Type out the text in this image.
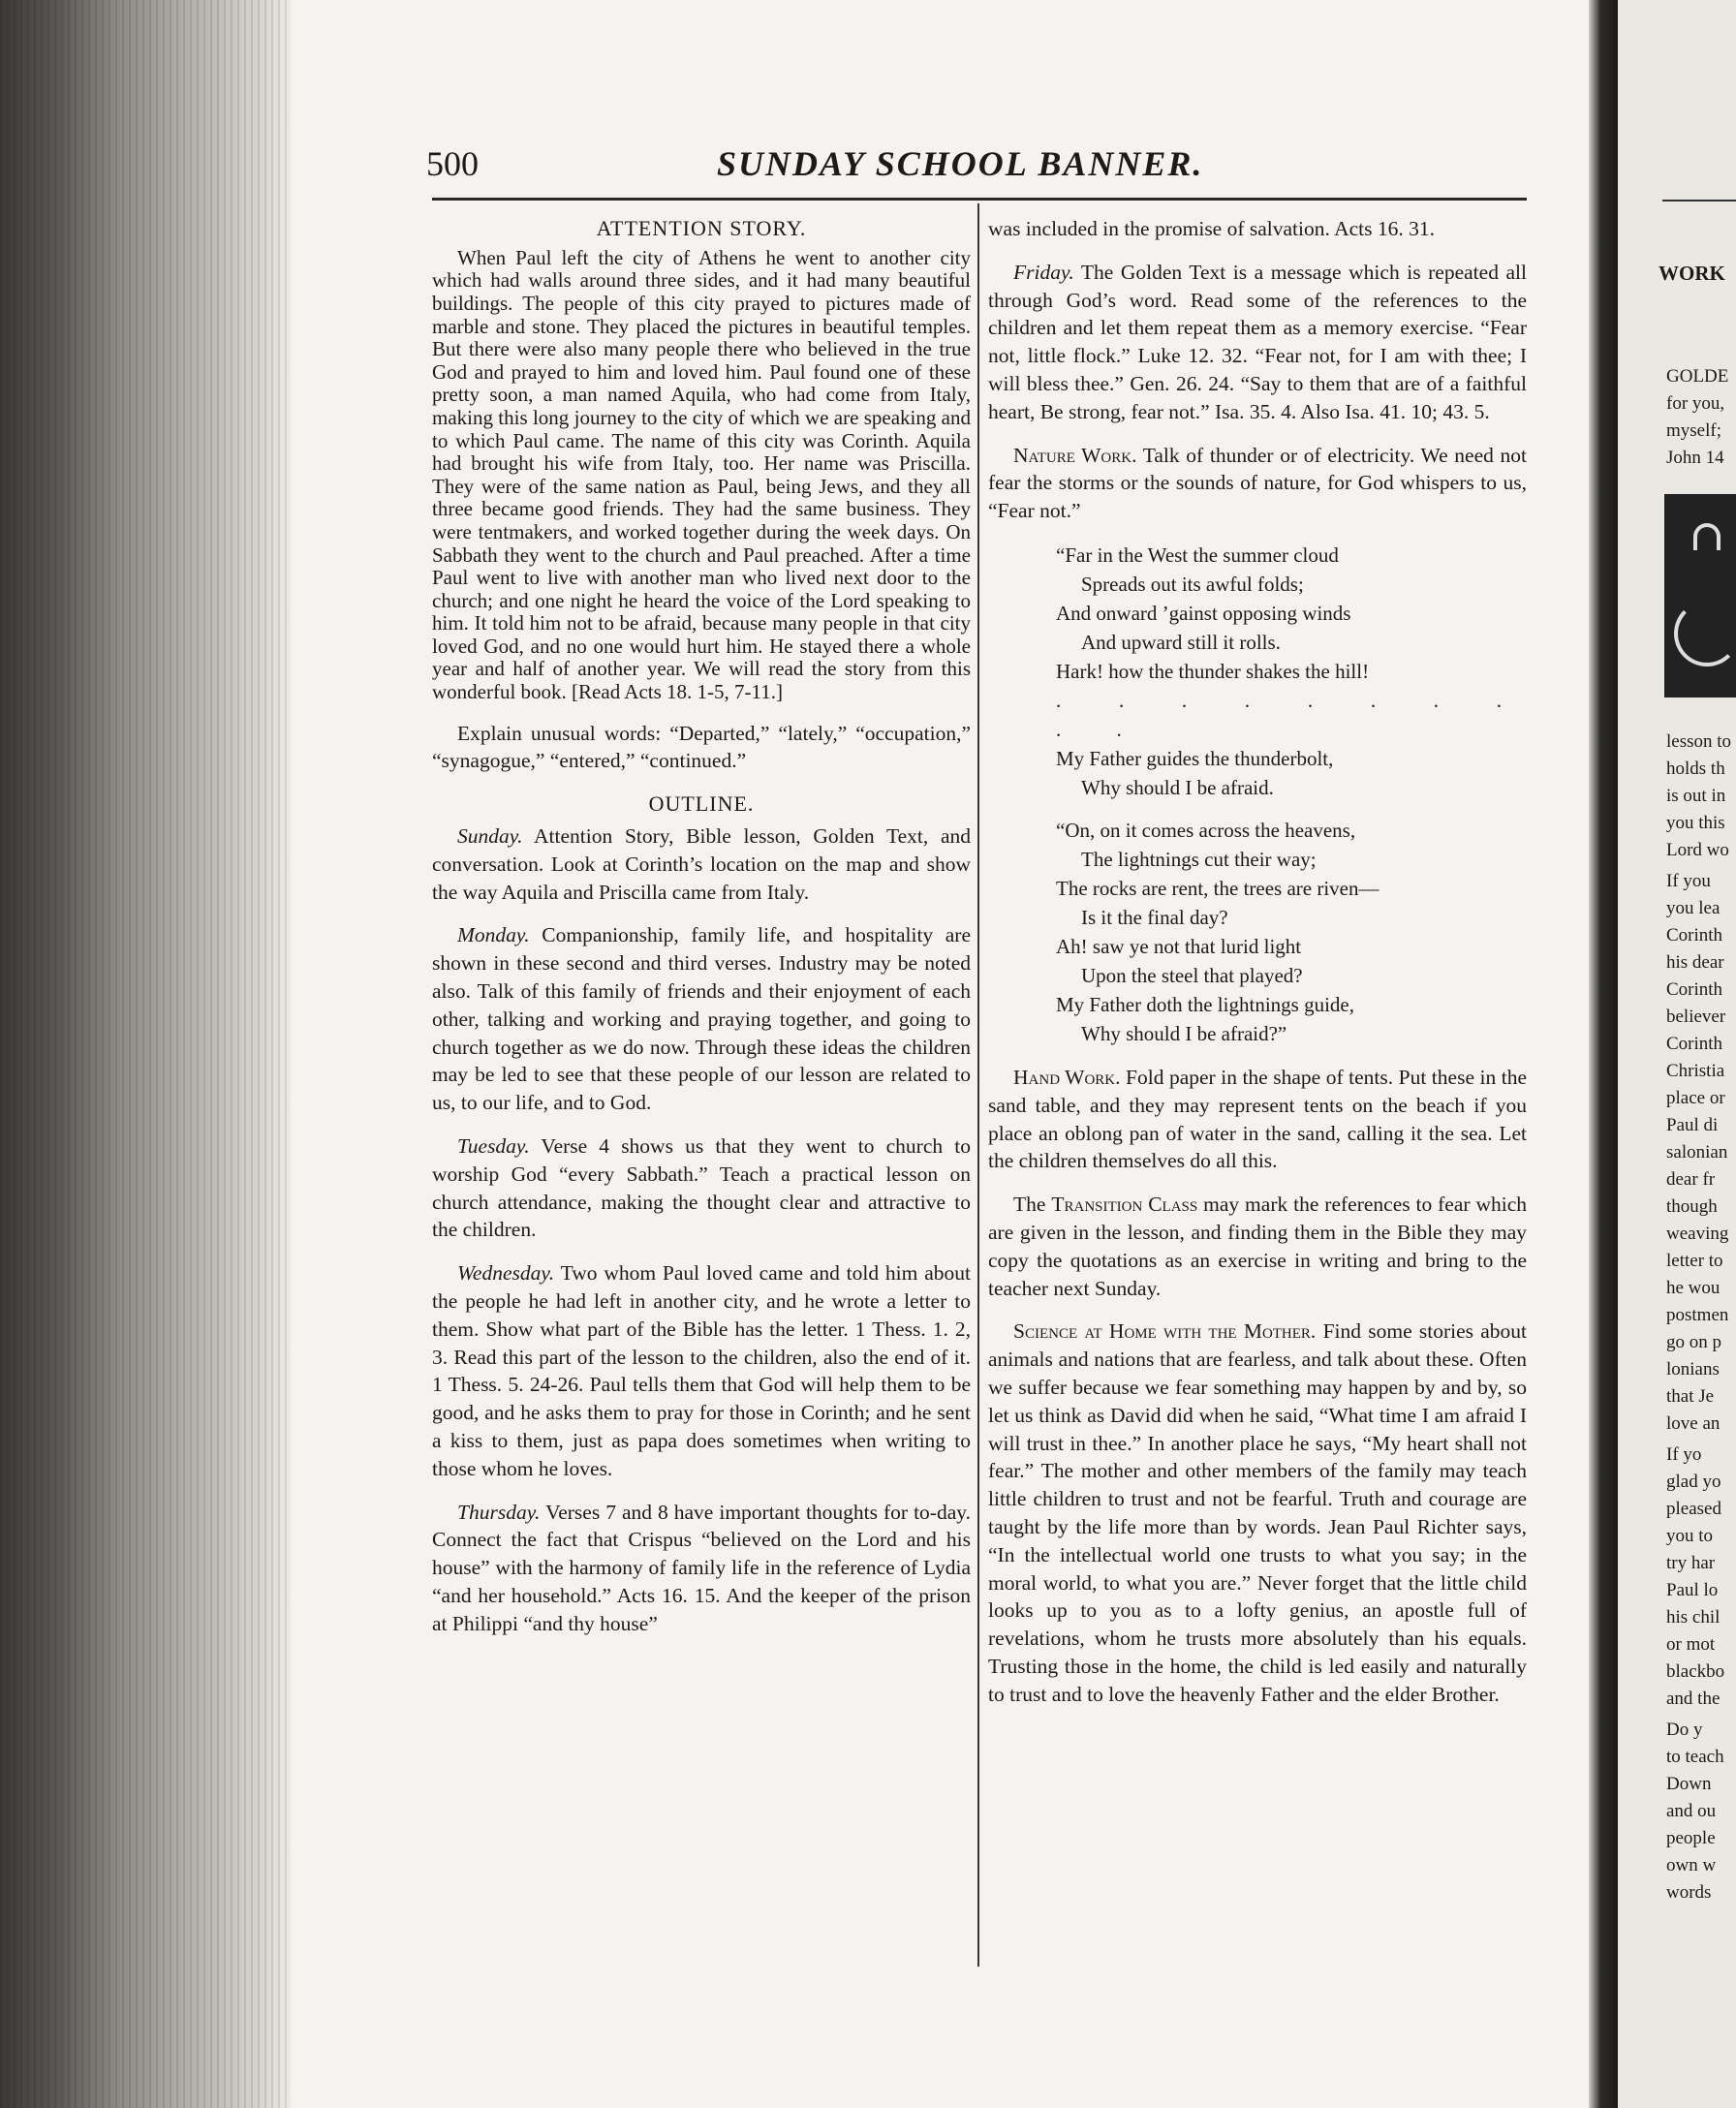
500	SUNDAY SCHOOL BANNER.
ATTENTION STORY.

When Paul left the city of Athens he went to another city which had walls around three sides, and it had many beautiful buildings. The people of this city prayed to pictures made of marble and stone. They placed the pictures in beautiful temples. But there were also many people there who believed in the true God and prayed to him and loved him. Paul found one of these pretty soon, a man named Aquila, who had come from Italy, making this long journey to the city of which we are speaking and to which Paul came. The name of this city was Corinth. Aquila had brought his wife from Italy, too. Her name was Priscilla. They were of the same nation as Paul, being Jews, and they all three became good friends. They had the same business. They were tentmakers, and worked together during the week days. On Sabbath they went to the church and Paul preached. After a time Paul went to live with another man who lived next door to the church; and one night he heard the voice of the Lord speaking to him. It told him not to be afraid, because many people in that city loved God, and no one would hurt him. He stayed there a whole year and half of another year. We will read the story from this wonderful book. [Read Acts 18. 1-5, 7-11.]

Explain unusual words: “Departed,” “lately,” “occupation,” “synagogue,” “entered,” “continued.”

OUTLINE.

Sunday. Attention Story, Bible lesson, Golden Text, and conversation. Look at Corinth’s location on the map and show the way Aquila and Priscilla came from Italy.

Monday. Companionship, family life, and hospitality are shown in these second and third verses. Industry may be noted also. Talk of this family of friends and their enjoyment of each other, talking and working and praying together, and going to church together as we do now. Through these ideas the children may be led to see that these people of our lesson are related to us, to our life, and to God.

Tuesday. Verse 4 shows us that they went to church to worship God “every Sabbath.” Teach a practical lesson on church attendance, making the thought clear and attractive to the children.

Wednesday. Two whom Paul loved came and told him about the people he had left in another city, and he wrote a letter to them. Show what part of the Bible has the letter. 1 Thess. 1. 2, 3. Read this part of the lesson to the children, also the end of it. 1 Thess. 5. 24-26. Paul tells them that God will help them to be good, and he asks them to pray for those in Corinth; and he sent a kiss to them, just as papa does sometimes when writing to those whom he loves.

Thursday. Verses 7 and 8 have important thoughts for to-day. Connect the fact that Crispus “believed on the Lord and his house” with the harmony of family life in the reference of Lydia “and her household.” Acts 16. 15. And the keeper of the prison at Philippi “and thy house”

was included in the promise of salvation. Acts 16. 31.

Friday. The Golden Text is a message which is repeated all through God’s word. Read some of the references to the children and let them repeat them as a memory exercise. “Fear not, little flock.” Luke 12. 32. “Fear not, for I am with thee; I will bless thee.” Gen. 26. 24. “Say to them that are of a faithful heart, Be strong, fear not.” Isa. 35. 4. Also Isa. 41. 10; 43. 5.

Nature Work. Talk of thunder or of electricity. We need not fear the storms or the sounds of nature, for God whispers to us, “Fear not.”

“Far in the West the summer cloud
Spreads out its awful folds;
And onward ’gainst opposing winds
And upward still it rolls.
Hark! how the thunder shakes the hill!
. . . . . . . . . .
My Father guides the thunderbolt,
Why should I be afraid.
“On, on it comes across the heavens,
The lightnings cut their way;
The rocks are rent, the trees are riven—
Is it the final day?
Ah! saw ye not that lurid light
Upon the steel that played?
My Father doth the lightnings guide,
Why should I be afraid?”

Hand Work. Fold paper in the shape of tents. Put these in the sand table, and they may represent tents on the beach if you place an oblong pan of water in the sand, calling it the sea. Let the children themselves do all this.

The Transition Class may mark the references to fear which are given in the lesson, and finding them in the Bible they may copy the quotations as an exercise in writing and bring to the teacher next Sunday.

Science at Home with the Mother. Find some stories about animals and nations that are fearless, and talk about these. Often we suffer because we fear something may happen by and by, so let us think as David did when he said, “What time I am afraid I will trust in thee.” In another place he says, “My heart shall not fear.” The mother and other members of the family may teach little children to trust and not be fearful. Truth and courage are taught by the life more than by words. Jean Paul Richter says, “In the intellectual world one trusts to what you say; in the moral world, to what you are.” Never forget that the little child looks up to you as to a lofty genius, an apostle full of revelations, whom he trusts more absolutely than his equals. Trusting those in the home, the child is led easily and naturally to trust and to love the heavenly Father and the elder Brother.

WORK
GOLDE
for you,
myself;
John 14
lesson to
holds th
is out in
you this
Lord wo
If you
you lea
Corinth
his dear
Corinth
believer
Corinth
Christia
place or
Paul di
salonian
dear fr
though
weaving
letter to
he wou
postmen
go on p
lonians
that Je
love an
If yo
glad yo
pleased
you to
try har
Paul lo
his chil
or mot
blackbo
and the
Do y
to teach
Down
and ou
people
own w
words
